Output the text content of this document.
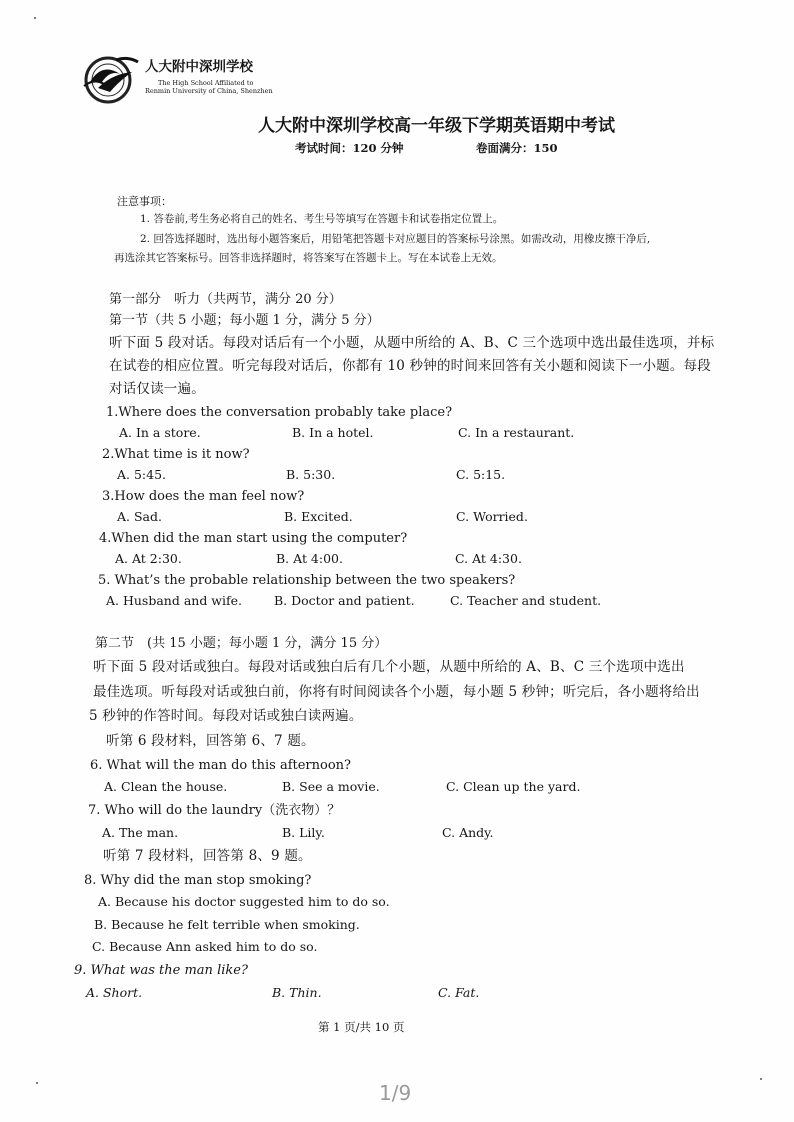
人大附中深圳学校
The High School Affiliated to
Renmin University of China, Shenzhen
人大附中深圳学校高一年级下学期英语期中考试
考试时间：120 分钟	卷面满分：150
注意事项：
1. 答卷前,考生务必将自己的姓名、考生号等填写在答题卡和试卷指定位置上。
2. 回答选择题时，选出每小题答案后，用铅笔把答题卡对应题目的答案标号涂黑。如需改动，用橡皮擦干净后,
再选涂其它答案标号。回答非选择题时，将答案写在答题卡上。写在本试卷上无效。
第一部分　听力（共两节，满分 20 分）
第一节（共 5 小题；每小题 1 分，满分 5 分）
听下面 5 段对话。每段对话后有一个小题，从题中所给的 A、B、C 三个选项中选出最佳选项，并标
在试卷的相应位置。听完每段对话后，你都有 10 秒钟的时间来回答有关小题和阅读下一小题。每段
对话仅读一遍。
1.Where does the conversation probably take place?
A. In a store.	B. In a hotel.	C. In a restaurant.
2.What time is it now?
A. 5:45.	B. 5:30.	C. 5:15.
3.How does the man feel now?
A. Sad.	B. Excited.	C. Worried.
4.When did the man start using the computer?
A. At 2:30.	B. At 4:00.	C. At 4:30.
5. What’s the probable relationship between the two speakers?
A. Husband and wife.	B. Doctor and patient.	C. Teacher and student.
第二节　(共 15 小题；每小题 1 分，满分 15 分）
听下面 5 段对话或独白。每段对话或独白后有几个小题，从题中所给的 A、B、C 三个选项中选出
最佳选项。听每段对话或独白前，你将有时间阅读各个小题，每小题 5 秒钟；听完后，各小题将给出
5 秒钟的作答时间。每段对话或独白读两遍。
听第 6 段材料，回答第 6、7 题。
6. What will the man do this afternoon?
A. Clean the house.	B. See a movie.	C. Clean up the yard.
7. Who will do the laundry（洗衣物）？
A. The man.	B. Lily.	C. Andy.
听第 7 段材料，回答第 8、9 题。
8. Why did the man stop smoking?
A. Because his doctor suggested him to do so.
B. Because he felt terrible when smoking.
C. Because Ann asked him to do so.
9. What was the man like?
A. Short.	B. Thin.	C. Fat.
第 1 页/共 10 页
1/9
